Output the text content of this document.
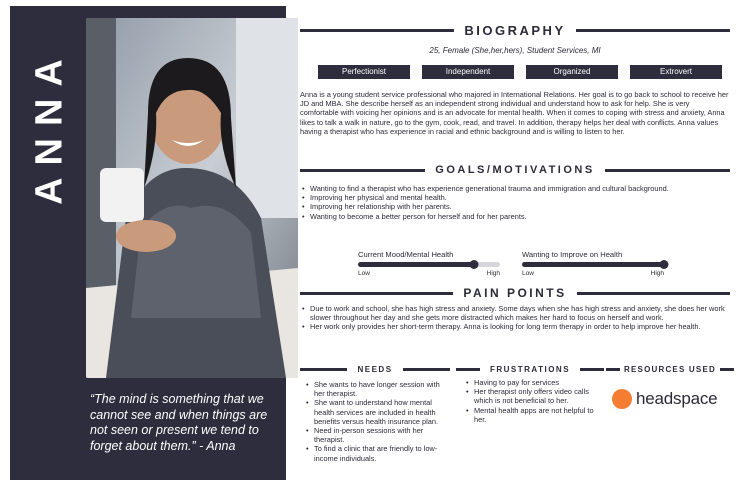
ANNA
“The mind is something that we cannot see and when things are not seen or present we tend to forget about them.” - Anna
BIOGRAPHY
25, Female (She,her,hers), Student Services, MI
Perfectionist	Independent	Organized	Extrovert
Anna is a young student service professional who majored in International Relations. Her goal is to go back to school to receive her JD and MBA. She describe herself as an independent strong individual and understand how to ask for help. She is very comfortable with voicing her opinions and is an advocate for mental health. When it comes to coping with stress and anxiety, Anna likes to talk a walk in nature, go to the gym, cook, read, and travel. In addition, therapy helps her deal with conflicts. Anna values having a therapist who has experience in racial and ethnic background and is willing to listen to her.
GOALS/MOTIVATIONS
• Wanting to find a therapist who has experience generational trauma and immigration and cultural background.
• Improving her physical and mental health.
• Improving her relationship with her parents.
• Wanting to become a better person for herself and for her parents.
Current Mood/Mental Health
Low	High
Wanting to Improve on Health
Low	High
PAIN POINTS
• Due to work and school, she has high stress and anxiety. Some days when she has high stress and anxiety, she does her work slower throughout her day and she gets more distracted which makes her hard to focus on herself and work.
• Her work only provides her short-term therapy. Anna is looking for long term therapy in order to help improve her health.
NEEDS
• She wants to have longer session with her therapist.
• She want to understand how mental health services are included in health benefits versus health insurance plan.
• Need in-person sessions with her therapist.
• To find a clinic that are friendly to low-income individuals.
FRUSTRATIONS
• Having to pay for services
• Her therapist only offers video calls which is not beneficial to her.
• Mental health apps are not helpful to her.
RESOURCES USED
headspace
